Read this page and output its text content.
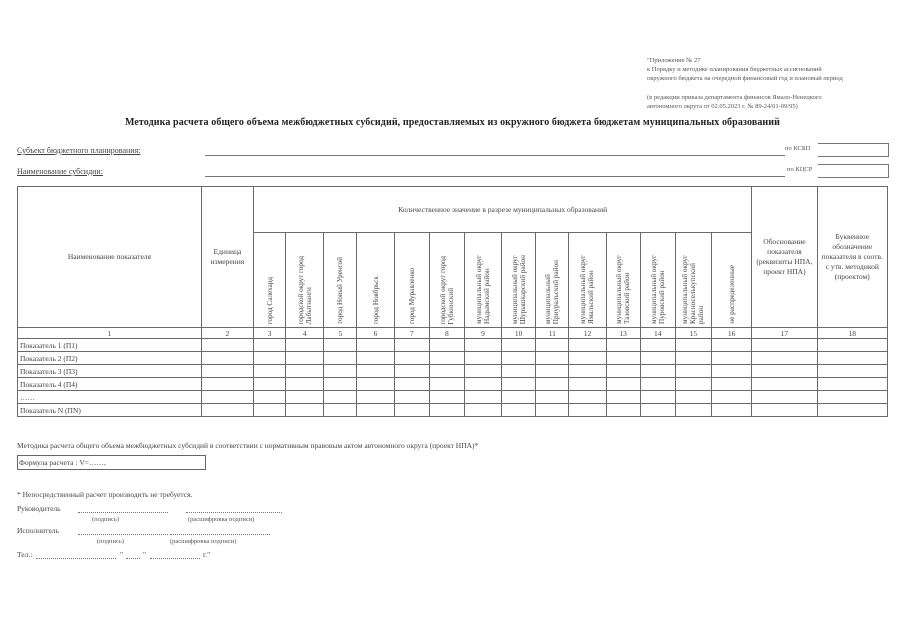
"Приложение № 27
к Порядку и методике планирования бюджетных ассигнований
окружного бюджета на очередной финансовый год и плановый период
(в редакции приказа департамента финансов Ямало-Ненецкого
автономного округа от 02.05.2023 г. № 89-24/01-09/95)
Методика расчета общего объема межбюджетных субсидий, предоставляемых из окружного бюджета бюджетам муниципальных образований
Субъект бюджетного планирования:	по КСБП
Наименование субсидии:	по КЦСР
Наименование показателя	Единица измерения	Количественное значение в разрезе муниципальных образований														Обоснование показателя (реквизиты НПА, проект НПА)	Буквенное обозначение показателя в соотв. с утв. методикой (проектом)

		город Салехард	городской округ город
Лабытнанги	город Новый Уренгой	город Ноябрьск	город Муравленко	городской округ город
Губкинский	муниципальный округ
Надымский район	муниципальный округ
Шурышкарский район	муниципальный
Приуральский район	муниципальный округ
Ямальский район	муниципальный округ
Тазовский район	муниципальный округ
Пуровский район	муниципальный округ
Красноселькупский
район	не распределенные		

1	2	3	4	5	6	7	8	9	10	11	12	13	14	15	16	17	18
Показатель 1 (П1)																	
Показатель 2 (П2)																	
Показатель 3 (П3)																	
Показатель 4 (П4)																	
……																	
Показатель N (ПN)																	
Методика расчета общего объема межбюджетных субсидий в соответствии с нормативным правовым актом автономного округа (проект НПА)*
Формула расчета : V=……,
* Непосредственный расчет производить не требуется.
Руководитель
(подпись)	(расшифровка подписи)
Исполнитель
(подпись)	(расшифровка подписи)
Тел.:	"	"	г."
